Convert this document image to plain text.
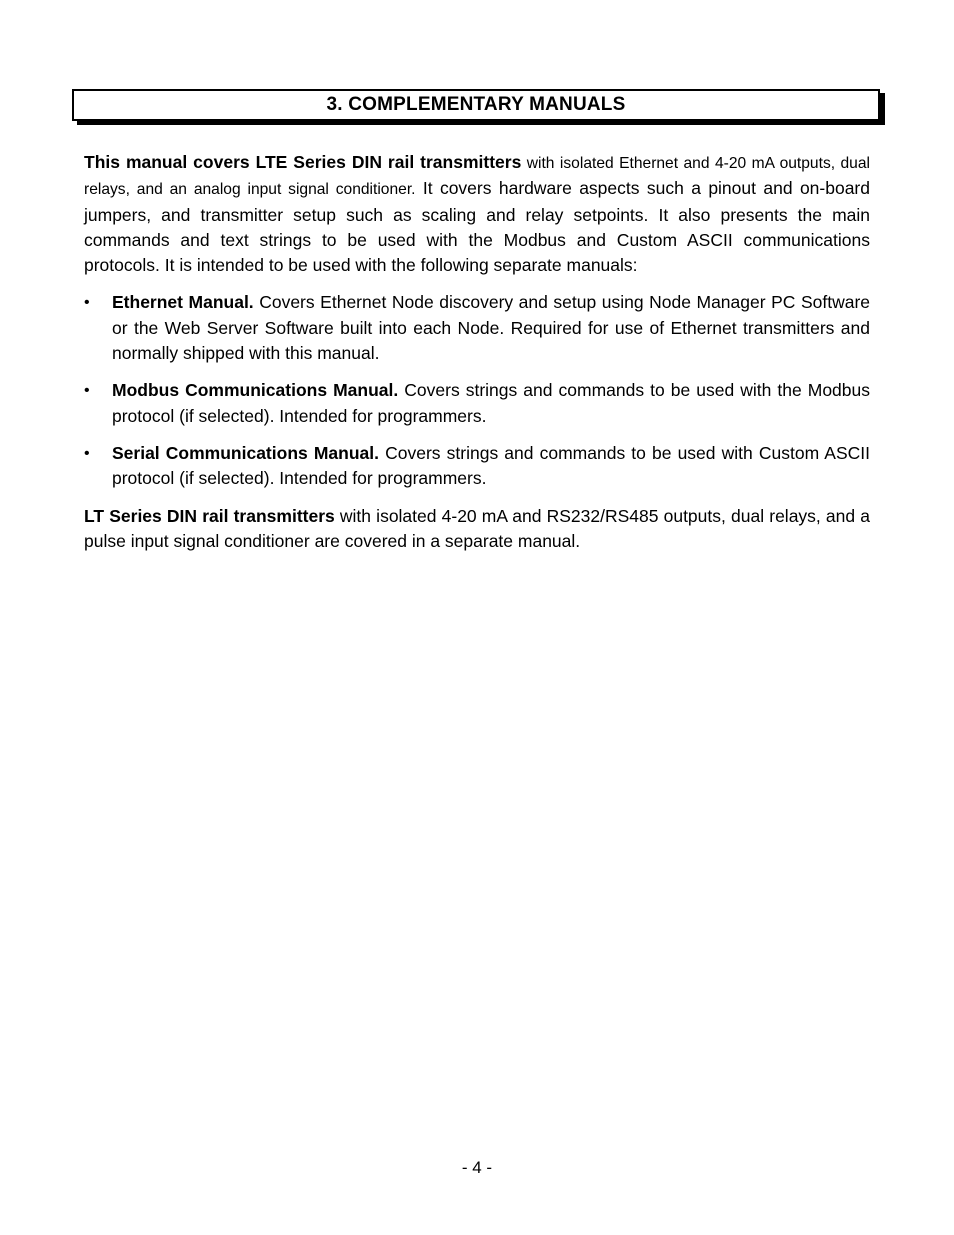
3. COMPLEMENTARY MANUALS

This manual covers LTE Series DIN rail transmitters with isolated Ethernet and 4-20 mA outputs, dual relays, and an analog input signal conditioner. It covers hardware aspects such a pinout and on-board jumpers, and transmitter setup such as scaling and relay setpoints. It also presents the main commands and text strings to be used with the Modbus and Custom ASCII communications protocols. It is intended to be used with the following separate manuals:

• Ethernet Manual. Covers Ethernet Node discovery and setup using Node Manager PC Software or the Web Server Software built into each Node. Required for use of Ethernet transmitters and normally shipped with this manual.
• Modbus Communications Manual. Covers strings and commands to be used with the Modbus protocol (if selected). Intended for programmers.
• Serial Communications Manual. Covers strings and commands to be used with Custom ASCII protocol (if selected). Intended for programmers.

LT Series DIN rail transmitters with isolated 4-20 mA and RS232/RS485 outputs, dual relays, and a pulse input signal conditioner are covered in a separate manual.

- 4 -
